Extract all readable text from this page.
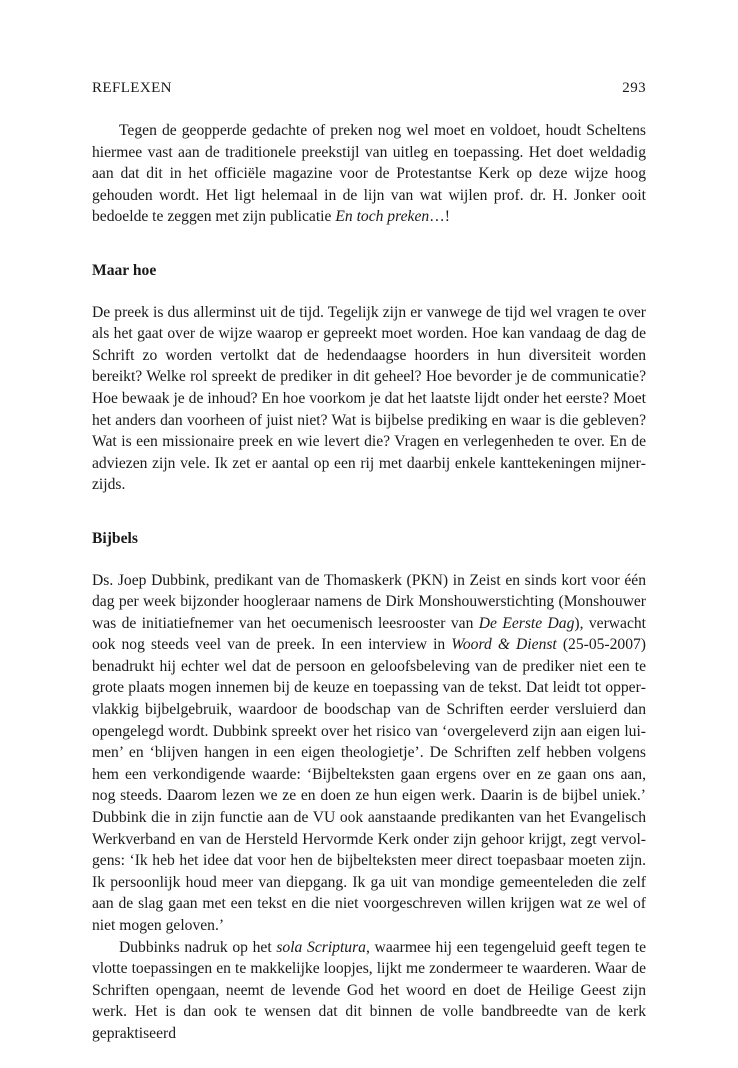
REFLEXEN	293

Tegen de geopperde gedachte of preken nog wel moet en voldoet, houdt Scheltens hiermee vast aan de traditionele preekstijl van uitleg en toepassing. Het doet weldadig aan dat dit in het officiële magazine voor de Protestantse Kerk op deze wijze hoog gehouden wordt. Het ligt helemaal in de lijn van wat wijlen prof. dr. H. Jonker ooit bedoelde te zeggen met zijn publicatie En toch preken…!

Maar hoe

De preek is dus allerminst uit de tijd. Tegelijk zijn er vanwege de tijd wel vragen te over als het gaat over de wijze waarop er gepreekt moet worden. Hoe kan vandaag de dag de Schrift zo worden vertolkt dat de hedendaagse hoorders in hun diversiteit worden bereikt? Welke rol spreekt de prediker in dit geheel? Hoe bevorder je de communicatie? Hoe bewaak je de inhoud? En hoe voorkom je dat het laatste lijdt onder het eerste? Moet het anders dan voorheen of juist niet? Wat is bijbelse prediking en waar is die gebleven? Wat is een missionaire preek en wie levert die? Vragen en verlegenheden te over. En de adviezen zijn vele. Ik zet er aantal op een rij met daarbij enkele kanttekeningen mijnerzijds.

Bijbels

Ds. Joep Dubbink, predikant van de Thomaskerk (PKN) in Zeist en sinds kort voor één dag per week bijzonder hoogleraar namens de Dirk Monshouwerstichting (Monshouwer was de initiatiefnemer van het oecumenisch leesrooster van De Eerste Dag), verwacht ook nog steeds veel van de preek. In een interview in Woord & Dienst (25-05-2007) benadrukt hij echter wel dat de persoon en geloofsbeleving van de prediker niet een te grote plaats mogen innemen bij de keuze en toepassing van de tekst. Dat leidt tot oppervlakkig bijbelgebruik, waardoor de boodschap van de Schriften eerder versluierd dan opengelegd wordt. Dubbink spreekt over het risico van ‘overgeleverd zijn aan eigen luimen’ en ‘blijven hangen in een eigen theologietje’. De Schriften zelf hebben volgens hem een verkondigende waarde: ‘Bijbelteksten gaan ergens over en ze gaan ons aan, nog steeds. Daarom lezen we ze en doen ze hun eigen werk. Daarin is de bijbel uniek.’ Dubbink die in zijn functie aan de VU ook aanstaande predikanten van het Evangelisch Werkverband en van de Hersteld Hervormde Kerk onder zijn gehoor krijgt, zegt vervolgens: ‘Ik heb het idee dat voor hen de bijbelteksten meer direct toepasbaar moeten zijn. Ik persoonlijk houd meer van diepgang. Ik ga uit van mondige gemeenteleden die zelf aan de slag gaan met een tekst en die niet voorgeschreven willen krijgen wat ze wel of niet mogen geloven.’

Dubbinks nadruk op het sola Scriptura, waarmee hij een tegengeluid geeft tegen te vlotte toepassingen en te makkelijke loopjes, lijkt me zondermeer te waarderen. Waar de Schriften opengaan, neemt de levende God het woord en doet de Heilige Geest zijn werk. Het is dan ook te wensen dat dit binnen de volle bandbreedte van de kerk gepraktiseerd
